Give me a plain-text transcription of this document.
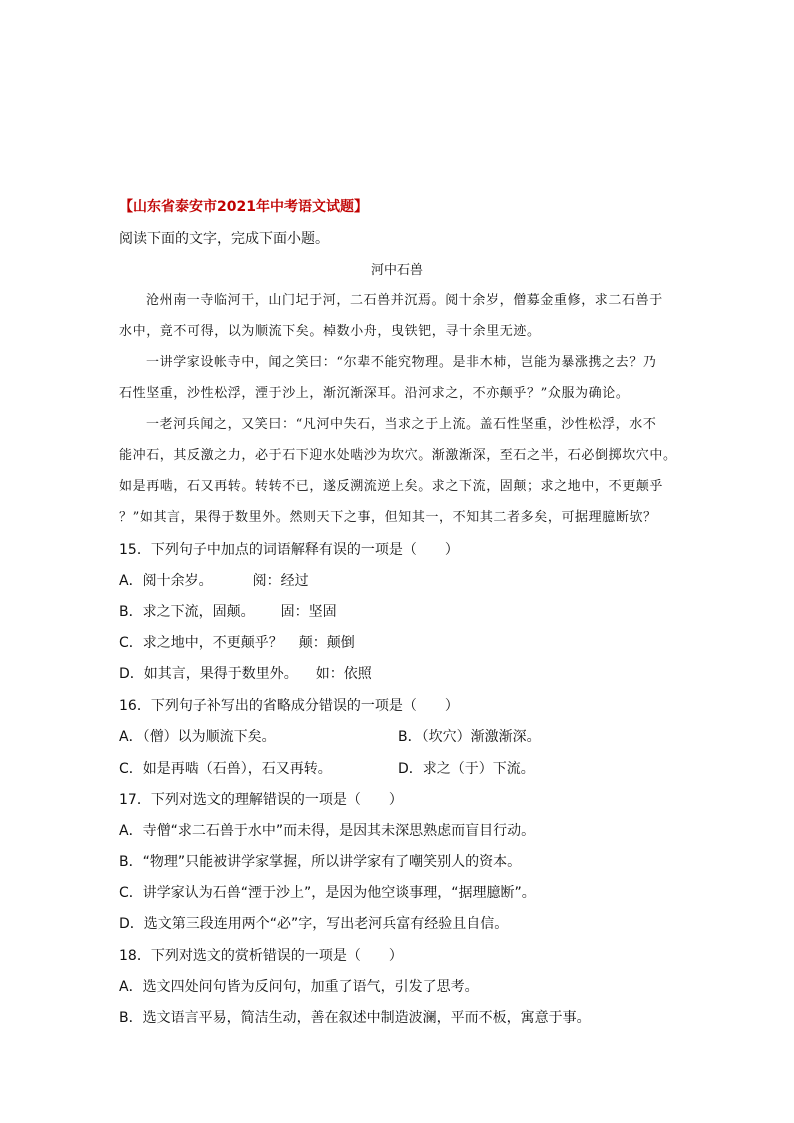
【山东省泰安市2021年中考语文试题】
阅读下面的文字，完成下面小题。
河中石兽
沧州南一寺临河干，山门圮于河，二石兽并沉焉。阅十余岁，僧募金重修，求二石兽于
水中，竟不可得，以为顺流下矣。棹数小舟，曳铁钯，寻十余里无迹。
一讲学家设帐寺中，闻之笑曰：“尔辈不能究物理。是非木杮，岂能为暴涨携之去？乃
石性坚重，沙性松浮，湮于沙上，渐沉渐深耳。沿河求之，不亦颠乎？”众服为确论。
一老河兵闻之，又笑曰：“凡河中失石，当求之于上流。盖石性坚重，沙性松浮，水不
能冲石，其反激之力，必于石下迎水处啮沙为坎穴。渐激渐深，至石之半，石必倒掷坎穴中。
如是再啮，石又再转。转转不已，遂反溯流逆上矣。求之下流，固颠；求之地中，不更颠乎
？”如其言，果得于数里外。然则天下之事，但知其一，不知其二者多矣，可据理臆断欤？
15．下列句子中加点的词语解释有误的一项是（　　）
A．阅十余岁。	阅：经过
B．求之下流，固颠。 固：坚固
C．求之地中，不更颠乎？ 颠：颠倒
D．如其言，果得于数里外。 如：依照
16．下列句子补写出的省略成分错误的一项是（　　）
A．（僧）以为顺流下矣。	B．（坎穴）渐激渐深。
C．如是再啮（石兽），石又再转。	D．求之（于）下流。
17．下列对选文的理解错误的一项是（　　）
A．寺僧“求二石兽于水中”而未得，是因其未深思熟虑而盲目行动。
B．“物理”只能被讲学家掌握，所以讲学家有了嘲笑别人的资本。
C．讲学家认为石兽“湮于沙上”，是因为他空谈事理，“据理臆断”。
D．选文第三段连用两个“必”字，写出老河兵富有经验且自信。
18．下列对选文的赏析错误的一项是（　　）
A．选文四处问句皆为反问句，加重了语气，引发了思考。
B．选文语言平易，简洁生动，善在叙述中制造波澜，平而不板，寓意于事。
